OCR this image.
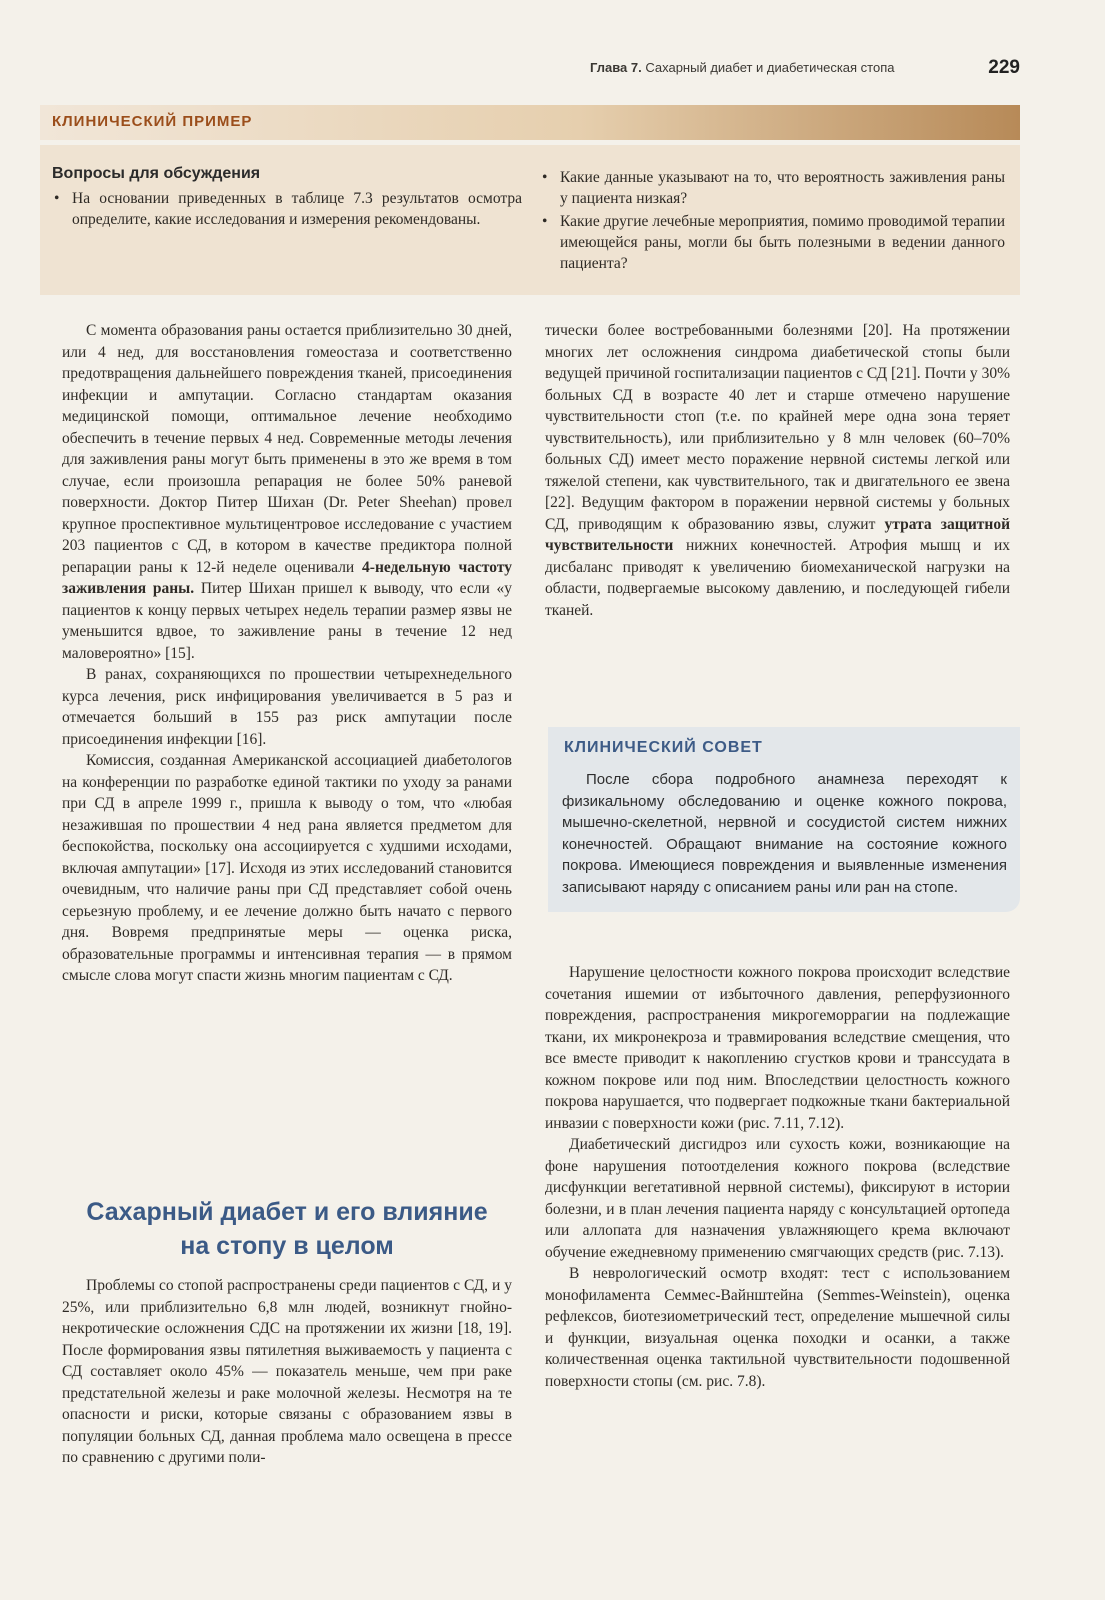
Глава 7. Сахарный диабет и диабетическая стопа	229
КЛИНИЧЕСКИЙ ПРИМЕР
Вопросы для обсуждения
• На основании приведенных в таблице 7.3 результатов осмотра определите, какие исследования и измерения рекомендованы.
• Какие данные указывают на то, что вероятность заживления раны у пациента низкая?
• Какие другие лечебные мероприятия, помимо проводимой терапии имеющейся раны, могли бы быть полезными в ведении данного пациента?

С момента образования раны остается приблизительно 30 дней, или 4 нед, для восстановления гомеостаза и соответственно предотвращения дальнейшего повреждения тканей, присоединения инфекции и ампутации. Согласно стандартам оказания медицинской помощи, оптимальное лечение необходимо обеспечить в течение первых 4 нед. Современные методы лечения для заживления раны могут быть применены в это же время в том случае, если произошла репарация не более 50% раневой поверхности. Доктор Питер Шихан (Dr. Peter Sheehan) провел крупное проспективное мультицентровое исследование с участием 203 пациентов с СД, в котором в качестве предиктора полной репарации раны к 12-й неделе оценивали 4-недельную частоту заживления раны. Питер Шихан пришел к выводу, что если «у пациентов к концу первых четырех недель терапии размер язвы не уменьшится вдвое, то заживление раны в течение 12 нед маловероятно» [15].

В ранах, сохраняющихся по прошествии четырехнедельного курса лечения, риск инфицирования увеличивается в 5 раз и отмечается больший в 155 раз риск ампутации после присоединения инфекции [16].

Комиссия, созданная Американской ассоциацией диабетологов на конференции по разработке единой тактики по уходу за ранами при СД в апреле 1999 г., пришла к выводу о том, что «любая незажившая по прошествии 4 нед рана является предметом для беспокойства, поскольку она ассоциируется с худшими исходами, включая ампутации» [17]. Исходя из этих исследований становится очевидным, что наличие раны при СД представляет собой очень серьезную проблему, и ее лечение должно быть начато с первого дня. Вовремя предпринятые меры — оценка риска, образовательные программы и интенсивная терапия — в прямом смысле слова могут спасти жизнь многим пациентам с СД.

Сахарный диабет и его влияние
на стопу в целом

Проблемы со стопой распространены среди пациентов с СД, и у 25%, или приблизительно 6,8 млн людей, возникнут гнойно-некротические осложнения СДС на протяжении их жизни [18, 19]. После формирования язвы пятилетняя выживаемость у пациента с СД составляет около 45% — показатель меньше, чем при раке предстательной железы и раке молочной железы. Несмотря на те опасности и риски, которые связаны с образованием язвы в популяции больных СД, данная проблема мало освещена в прессе по сравнению с другими поли-

тически более востребованными болезнями [20]. На протяжении многих лет осложнения синдрома диабетической стопы были ведущей причиной госпитализации пациентов с СД [21]. Почти у 30% больных СД в возрасте 40 лет и старше отмечено нарушение чувствительности стоп (т.е. по крайней мере одна зона теряет чувствительность), или приблизительно у 8 млн человек (60–70% больных СД) имеет место поражение нервной системы легкой или тяжелой степени, как чувствительного, так и двигательного ее звена [22]. Ведущим фактором в поражении нервной системы у больных СД, приводящим к образованию язвы, служит утрата защитной чувствительности нижних конечностей. Атрофия мышц и их дисбаланс приводят к увеличению биомеханической нагрузки на области, подвергаемые высокому давлению, и последующей гибели тканей.

КЛИНИЧЕСКИЙ СОВЕТ

После сбора подробного анамнеза переходят к физикальному обследованию и оценке кожного покрова, мышечно-скелетной, нервной и сосудистой систем нижних конечностей. Обращают внимание на состояние кожного покрова. Имеющиеся повреждения и выявленные изменения записывают наряду с описанием раны или ран на стопе.

Нарушение целостности кожного покрова происходит вследствие сочетания ишемии от избыточного давления, реперфузионного повреждения, распространения микрогеморрагии на подлежащие ткани, их микронекроза и травмирования вследствие смещения, что все вместе приводит к накоплению сгустков крови и транссудата в кожном покрове или под ним. Впоследствии целостность кожного покрова нарушается, что подвергает подкожные ткани бактериальной инвазии с поверхности кожи (рис. 7.11, 7.12).

Диабетический дисгидроз или сухость кожи, возникающие на фоне нарушения потоотделения кожного покрова (вследствие дисфункции вегетативной нервной системы), фиксируют в истории болезни, и в план лечения пациента наряду с консультацией ортопеда или аллопата для назначения увлажняющего крема включают обучение ежедневному применению смягчающих средств (рис. 7.13).

В неврологический осмотр входят: тест с использованием монофиламента Семмес-Вайнштейна (Semmes-Weinstein), оценка рефлексов, биотезиометрический тест, определение мышечной силы и функции, визуальная оценка походки и осанки, а также количественная оценка тактильной чувствительности подошвенной поверхности стопы (см. рис. 7.8).
